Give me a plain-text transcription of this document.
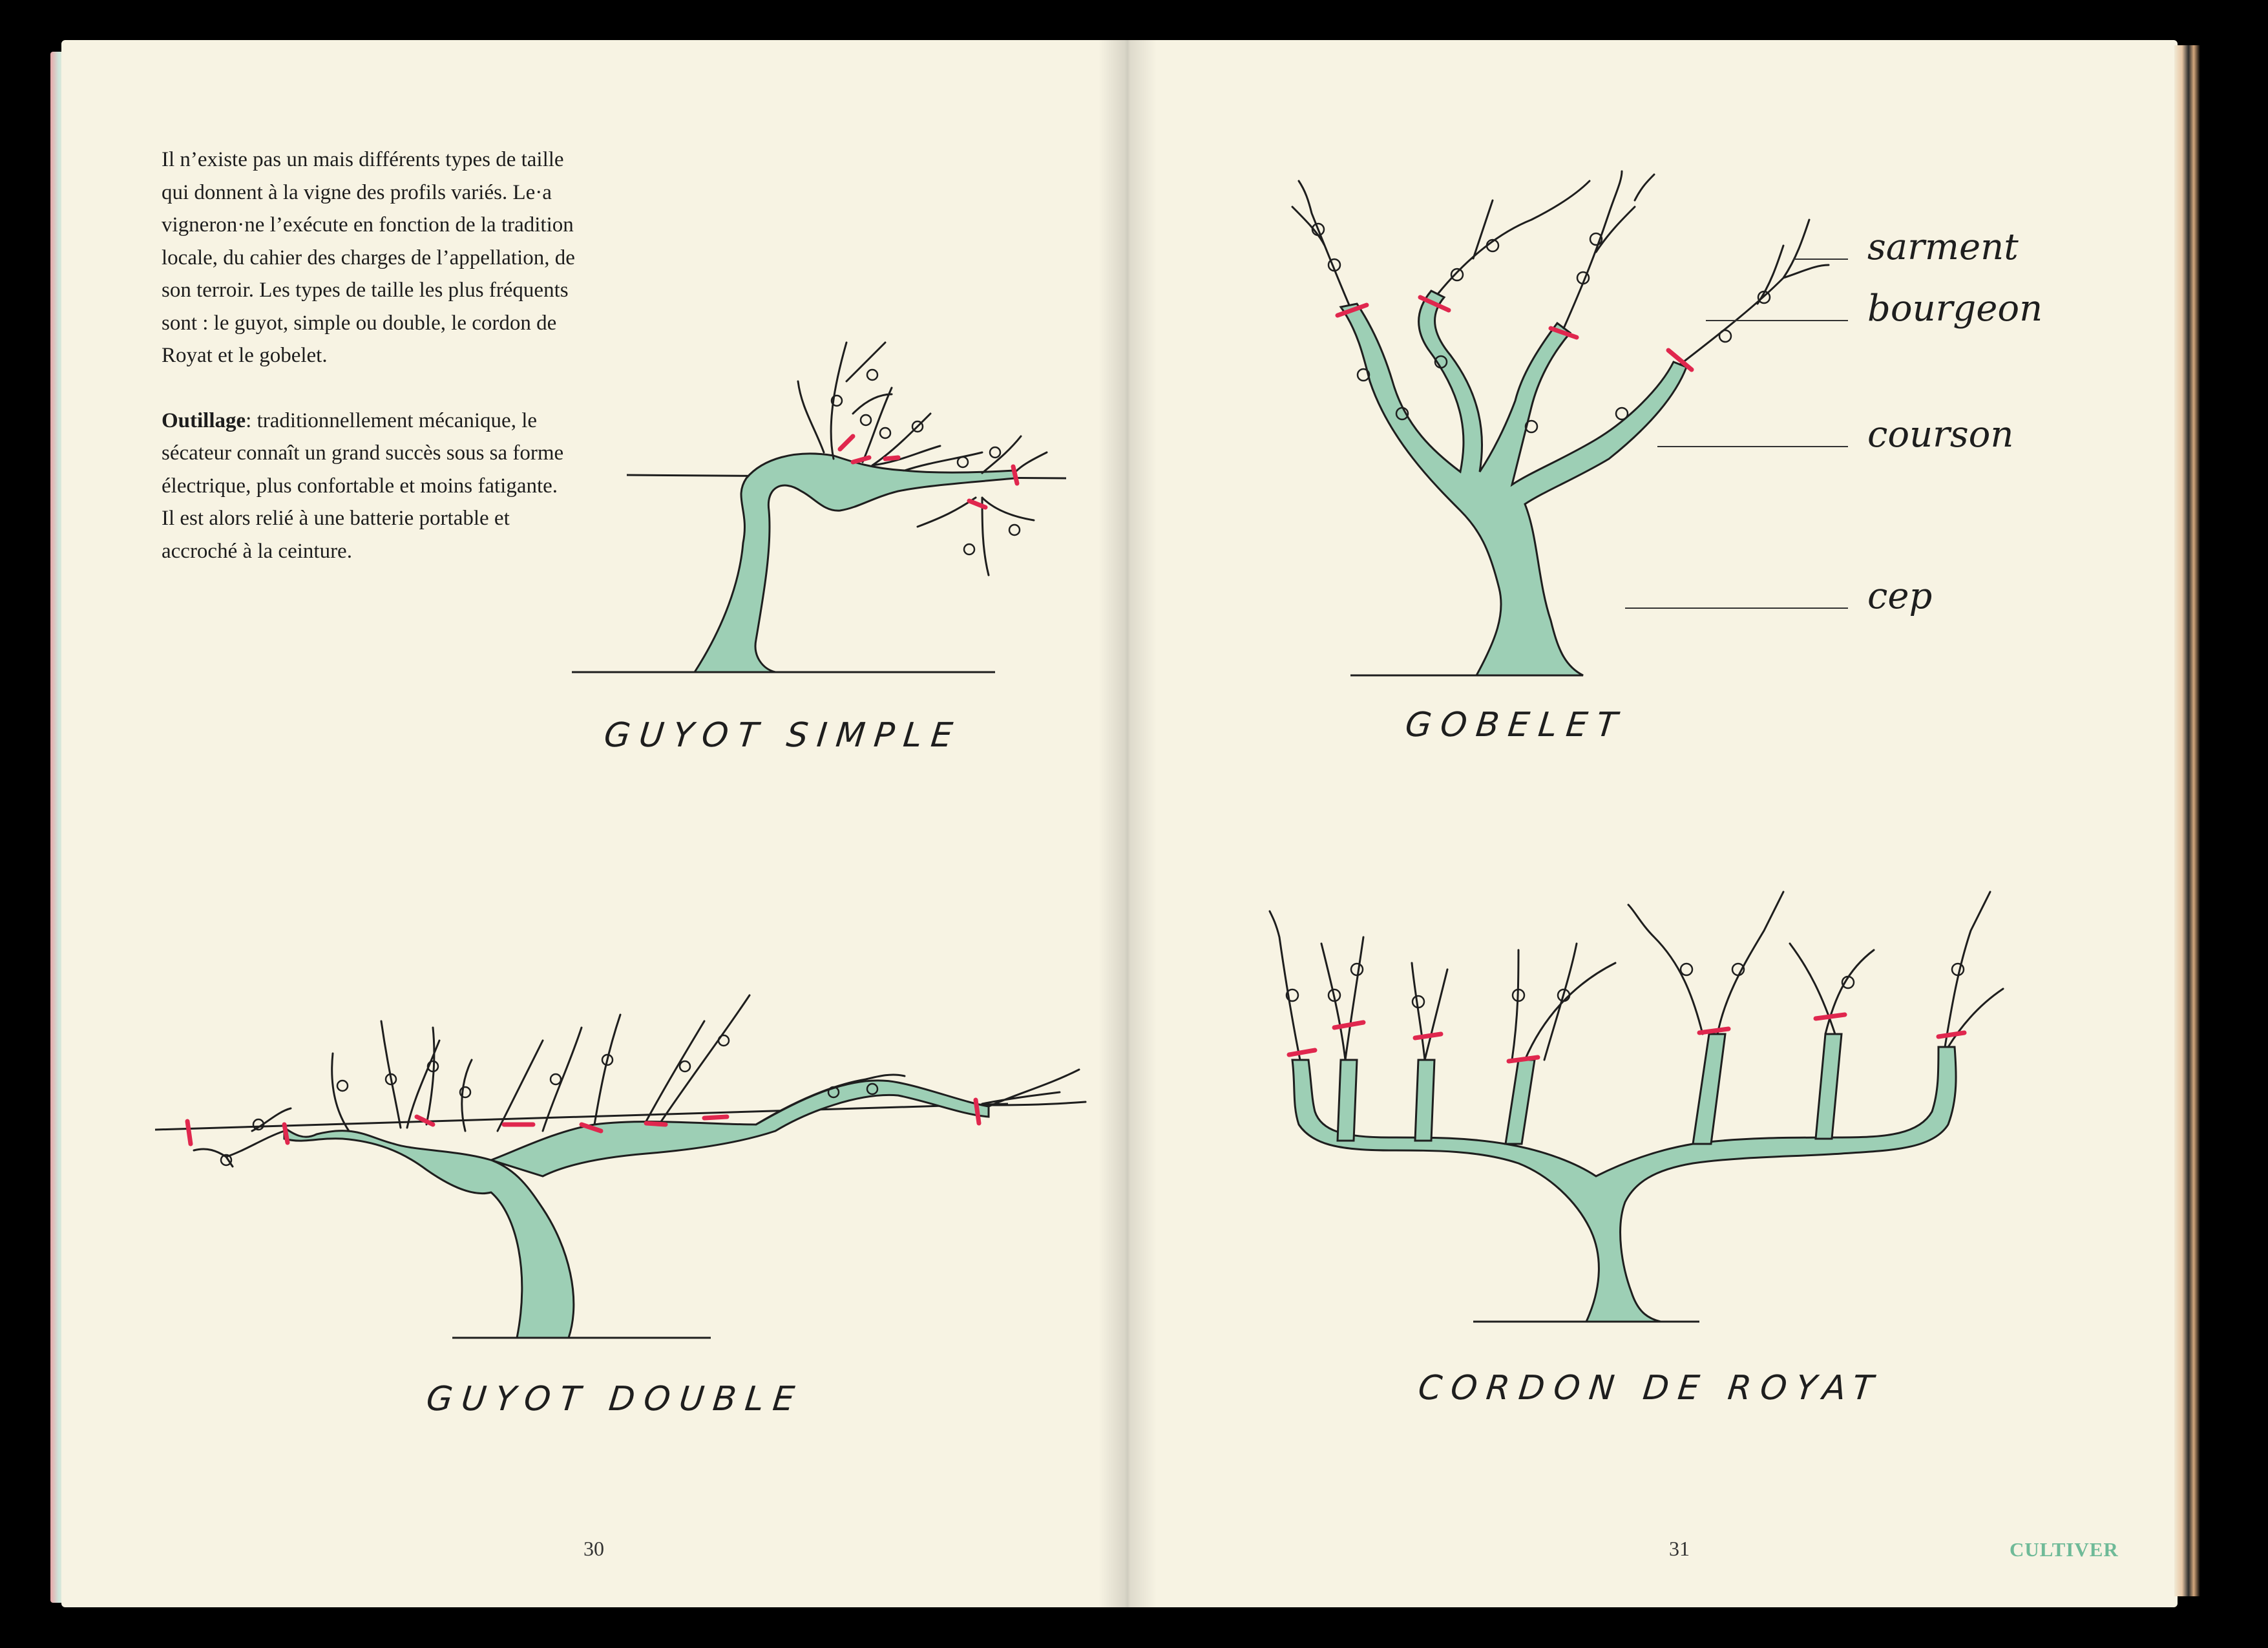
Il n’existe pas un mais différents types de taille qui donnent à la vigne des profils variés. Le·a vigneron·ne l’exécute en fonction de la tradition locale, du cahier des charges de l’appellation, de son terroir. Les types de taille les plus fréquents sont : le guyot, simple ou double, le cordon de Royat et le gobelet.

Outillage: traditionnellement mécanique, le sécateur connaît un grand succès sous sa forme électrique, plus confortable et moins fatigante. Il est alors relié à une batterie portable et accroché à la ceinture.

GUYOT SIMPLE
GUYOT DOUBLE
30
GOBELET
sarment
bourgeon
courson
cep
CORDON DE ROYAT
31	CULTIVER
